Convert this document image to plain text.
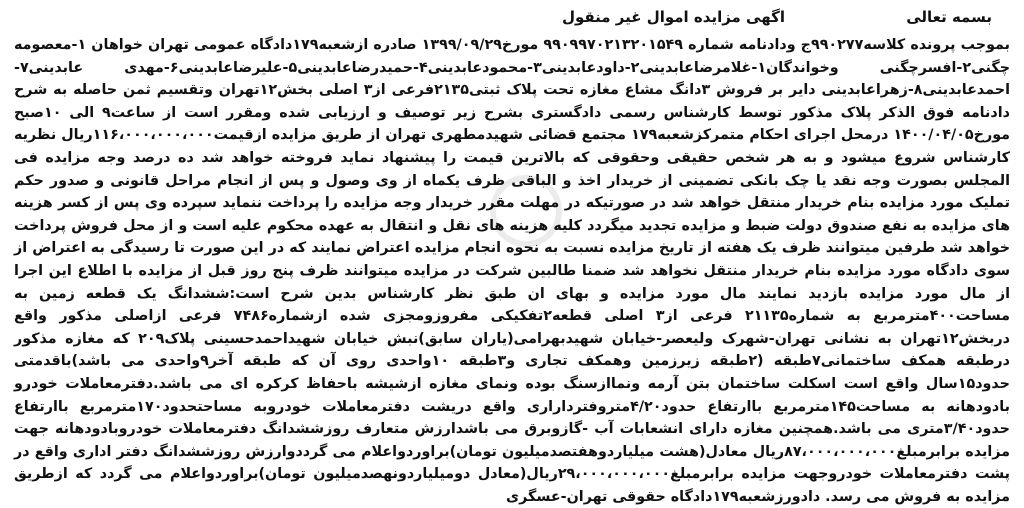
بسمه تعالی
اگهی مزایده اموال غیر منقول

بموجب پرونده کلاسه۹۹۰۲۷۷ج ودادنامه شماره ۹۹۰۹۹۷۰۲۱۳۲۰۱۵۴۹ مورخ۱۳۹۹/۰۹/۲۹ صادره ازشعبه۱۷۹دادگاه عمومی تهران خواهان ۱-معصومه چگنی۲-افسرچگنی وخواندگان۱-غلامرضاعابدینی۲-داودعابدینی۳-محمودعابدینی۴-حمیدرضاعابدینی۵-علیرضاعابدینی۶-مهدی عابدینی۷-احمدعابدینی۸-زهراعابدینی دایر بر فروش ۳دانگ مشاع مغازه تحت پلاک ثبتی۲۱۳۵فرعی از۳ اصلی بخش۱۲تهران وتقسیم ثمن حاصله به شرح دادنامه فوق الذکر پلاک مذکور توسط کارشناس رسمی دادگستری بشرح زیر توصیف و ارزیابی شده ومقرر است از ساعت۹ الی ۱۰صبح مورخ۱۴۰۰/۰۴/۰۵ درمحل اجرای احکام متمرکزشعبه۱۷۹ مجتمع قضائی شهیدمطهری تهران از طریق مزایده ازقیمت۱۱۶،۰۰۰،۰۰۰،۰۰۰ریال نظریه کارشناس شروع میشود و به هر شخص حقیقی وحقوقی که بالاترین قیمت را پیشنهاد نماید فروخته خواهد شد ده درصد وجه مزایده فی المجلس بصورت وجه نقد یا چک بانکی تضمینی از خریدار اخذ و الباقی ظرف یکماه از وی وصول و پس از انجام مراحل قانونی و صدور حکم تملیک مورد مزایده بنام خریدار منتقل خواهد شد در صورتیکه در مهلت مقرر خریدار وجه مزایده را پرداخت ننماید سپرده وی پس از کسر هزینه های مزایده به نفع صندوق دولت ضبط و مزایده تجدید میگردد کلیه هزینه های نقل و انتقال به عهده محکوم علیه است و از محل فروش پرداخت خواهد شد طرفین میتوانند ظرف یک هفته از تاریخ مزایده نسبت به نحوه انجام مزایده اعتراض نمایند که در این صورت تا رسیدگی به اعتراض از سوی دادگاه مورد مزایده بنام خریدار منتقل نخواهد شد ضمنا طالبین شرکت در مزایده میتوانند ظرف پنج روز قبل از مزایده با اطلاع این اجرا از مال مورد مزایده بازدید نمایند مال مورد مزایده و بهای ان طبق نظر کارشناس بدین شرح است:ششدانگ یک قطعه زمین به مساحت۴۰۰مترمربع به شماره۲۱۱۳۵ فرعی از۳ اصلی قطعه۲تفکیکی مفروزومجزی شده ازشماره۷۴۸۶ فرعی ازاصلی مذکور واقع دربخش۱۲تهران به نشانی تهران-شهرک ولیعصر-خیابان شهیدبهرامی(یاران سابق)نبش خیابان شهیداحمدحسینی پلاک۲۰۹ که مغازه مذکور درطبقه همکف ساختمانی۷طبقه (۲طبقه زیرزمین وهمکف تجاری و۳طبقه ۱۰واحدی روی آن که طبقه آخر۹واحدی می باشد)باقدمتی حدود۱۵سال واقع است اسکلت ساختمان بتن آرمه ونماازسنگ بوده ونمای مغازه ازشیشه باحفاظ کرکره ای می باشد.دفترمعاملات خودرو بادودهانه به مساحت۱۴۵مترمربع باارتفاع حدود۴/۲۰متروفترداراری واقع دریشت دفترمعاملات خودروبه مساحتحدود۱۷۰مترمربع باارتفاع حدود۳/۴۰متری می باشد.همچنین مغازه دارای انشعابات آب -گازوبرق می باشدارزش متعارف روزششدانگ دفترمعاملات خودروبادودهانه جهت مزایده برابرمبلغ۸۷،۰۰۰،۰۰۰،۰۰۰ریال معادل(هشت میلیاردوهفتصدمیلیون تومان)براوردواعلام می گرددوارزش روزششدانگ دفتر اداری واقع در پشت دفترمعاملات خودروجهت مزایده برابرمبلغ۲۹،۰۰۰،۰۰۰،۰۰۰ریال(معادل دومیلیاردونهصدمیلیون تومان)براوردواعلام می گردد که ازطریق مزایده به فروش می رسد. دادورزشعبه۱۷۹دادگاه حقوقی تهران-عسگری
